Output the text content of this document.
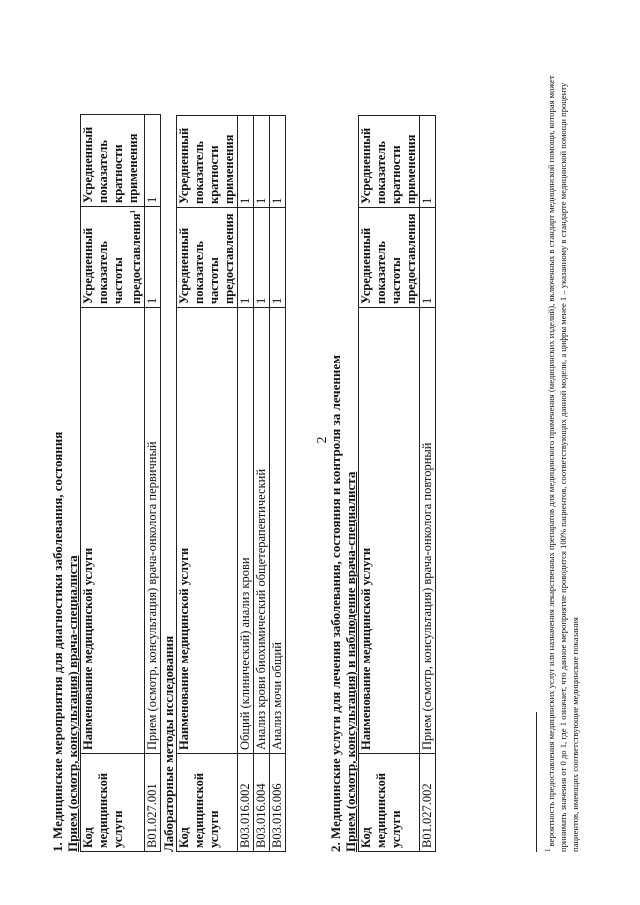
2
1. Медицинские мероприятия для диагностики заболевания, состояния Прием (осмотр, консультация) врача-специалиста Код медицинской услуги	Наименование медицинской услуги	Усредненный показатель частоты предоставления$^1$	Усредненный показатель кратности применения
B01.027.001	Прием (осмотр, консультация) врача-онколога первичный	1	1
Лабораторные методы исследования Код медицинской услуги	Наименование медицинской услуги	Усредненный показатель частоты предоставления	Усредненный показатель кратности применения
B03.016.002	Общий (клинический) анализ крови	1	1
B03.016.004	Анализ крови биохимический общетерапевтический	1	1
B03.016.006	Анализ мочи общий	1	1
2. Медицинские услуги для лечения заболевания, состояния и контроля за лечением Прием (осмотр, консультация) и наблюдение врача-специалиста Код медицинской услуги	Наименование медицинской услуги	Усредненный показатель частоты предоставления	Усредненный показатель кратности применения
B01.027.002	Прием (осмотр, консультация) врача-онколога повторный	1	1
$^1$ вероятность предоставления медицинских услуг или назначения лекарственных препаратов для медицинского применения (медицинских изделий), включенных в стандарт медицинской помощи, которая может принимать значения от 0 до 1, где 1 означает, что данное мероприятие проводится 100% пациентов, соответствующих данной модели, а цифры менее 1 – указанному в стандарте медицинской помощи проценту пациентов, имеющих соответствующие медицинские показания
